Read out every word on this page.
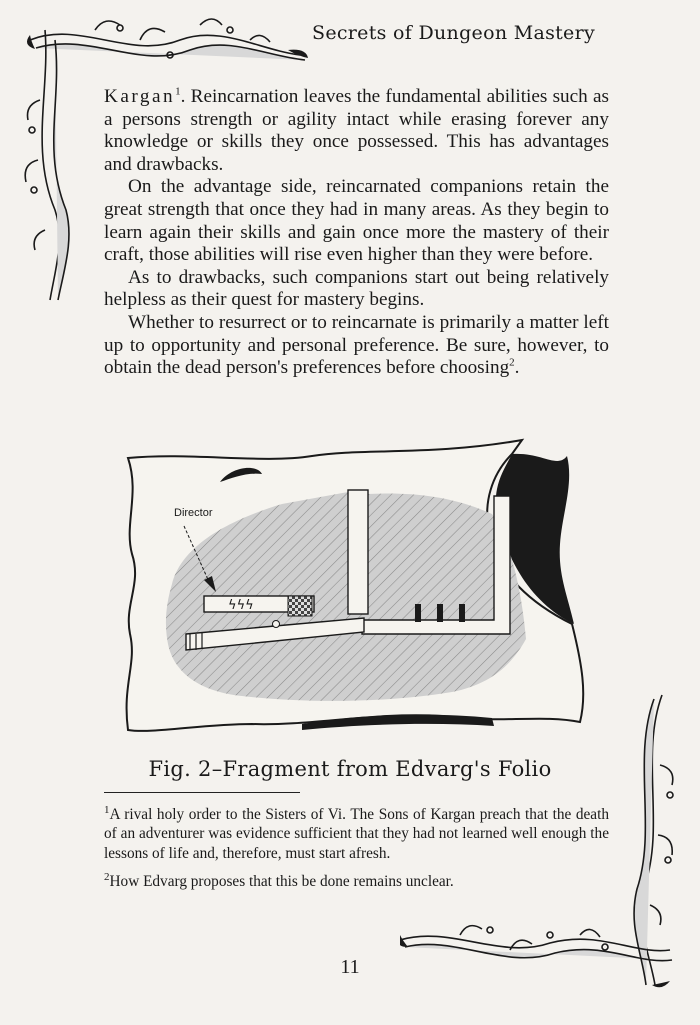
Secrets of Dungeon Mastery

Kargan$^1$. Reincarnation leaves the fundamental abilities such as a persons strength or agility intact while erasing forever any knowledge or skills they once possessed. This has advantages and drawbacks.

On the advantage side, reincarnated companions retain the great strength that once they had in many areas. As they begin to learn again their skills and gain once more the mastery of their craft, those abilities will rise even higher than they were before.

As to drawbacks, such companions start out being relatively helpless as their quest for mastery begins.

Whether to resurrect or to reincarnate is primarily a matter left up to opportunity and personal preference. Be sure, however, to obtain the dead person's preferences before choosing$^2$.

ϟϟϟ
Director
Fig. 2–Fragment from Edvarg's Folio

$^1$A rival holy order to the Sisters of Vi. The Sons of Kargan preach that the death of an adventurer was evidence sufficient that they had not learned well enough the lessons of life and, therefore, must start afresh.

$^2$How Edvarg proposes that this be done remains unclear.

11
